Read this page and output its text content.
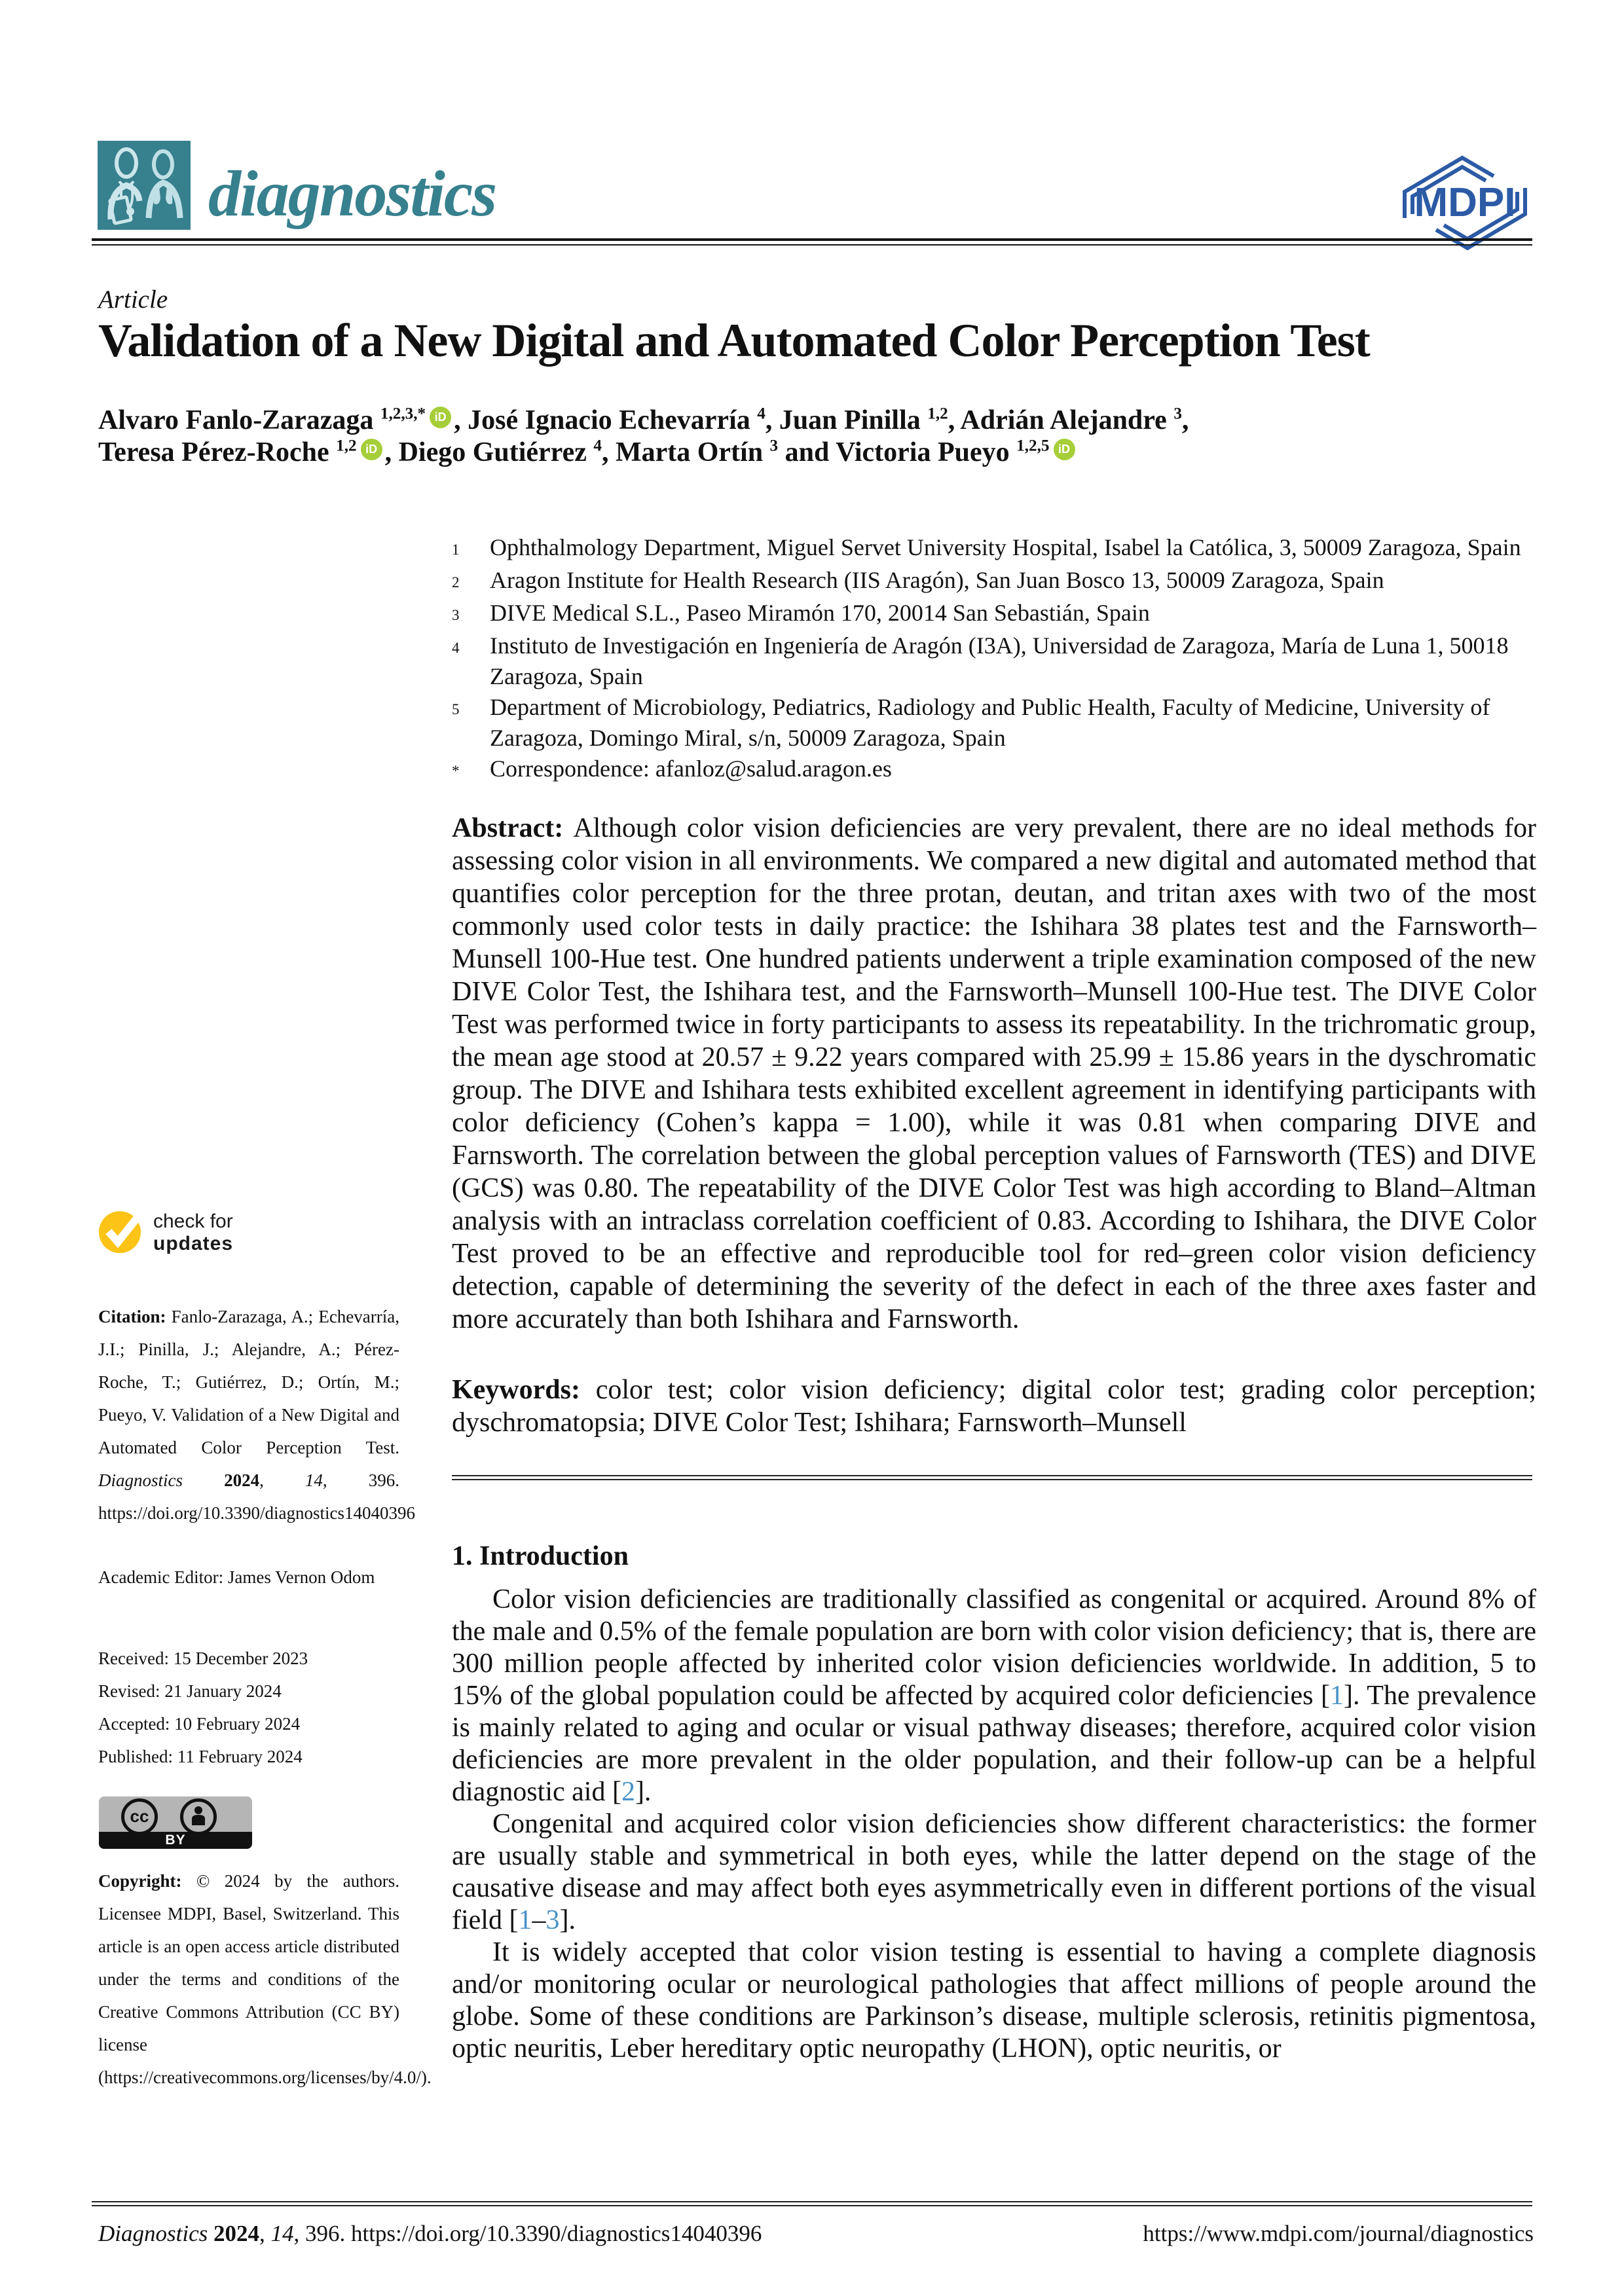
diagnostics	MDPI
Article
Validation of a New Digital and Automated Color Perception Test
Alvaro Fanlo-Zarazaga $^{1,2,3,*}$ iD , José Ignacio Echevarría $^4$, Juan Pinilla $^{1,2}$, Adrián Alejandre $^3$,
Teresa Pérez-Roche $^{1,2}$ iD , Diego Gutiérrez $^4$, Marta Ortín $^3$ and Victoria Pueyo $^{1,2,5}$ iD
1	Ophthalmology Department, Miguel Servet University Hospital, Isabel la Católica, 3, 50009 Zaragoza, Spain
2	Aragon Institute for Health Research (IIS Aragón), San Juan Bosco 13, 50009 Zaragoza, Spain
3	DIVE Medical S.L., Paseo Miramón 170, 20014 San Sebastián, Spain
4	Instituto de Investigación en Ingeniería de Aragón (I3A), Universidad de Zaragoza, María de Luna 1, 50018 Zaragoza, Spain
5	Department of Microbiology, Pediatrics, Radiology and Public Health, Faculty of Medicine, University of Zaragoza, Domingo Miral, s/n, 50009 Zaragoza, Spain
*	Correspondence: afanloz@salud.aragon.es
Abstract: Although color vision deficiencies are very prevalent, there are no ideal methods for assessing color vision in all environments. We compared a new digital and automated method that quantifies color perception for the three protan, deutan, and tritan axes with two of the most commonly used color tests in daily practice: the Ishihara 38 plates test and the Farnsworth–Munsell 100-Hue test. One hundred patients underwent a triple examination composed of the new DIVE Color Test, the Ishihara test, and the Farnsworth–Munsell 100-Hue test. The DIVE Color Test was performed twice in forty participants to assess its repeatability. In the trichromatic group, the mean age stood at 20.57 ± 9.22 years compared with 25.99 ± 15.86 years in the dyschromatic group. The DIVE and Ishihara tests exhibited excellent agreement in identifying participants with color deficiency (Cohen’s kappa = 1.00), while it was 0.81 when comparing DIVE and Farnsworth. The correlation between the global perception values of Farnsworth (TES) and DIVE (GCS) was 0.80. The repeatability of the DIVE Color Test was high according to Bland–Altman analysis with an intraclass correlation coefficient of 0.83. According to Ishihara, the DIVE Color Test proved to be an effective and reproducible tool for red–green color vision deficiency detection, capable of determining the severity of the defect in each of the three axes faster and more accurately than both Ishihara and Farnsworth.
Keywords: color test; color vision deficiency; digital color test; grading color perception; dyschromatopsia; DIVE Color Test; Ishihara; Farnsworth–Munsell
1. Introduction

Color vision deficiencies are traditionally classified as congenital or acquired. Around 8% of the male and 0.5% of the female population are born with color vision deficiency; that is, there are 300 million people affected by inherited color vision deficiencies worldwide. In addition, 5 to 15% of the global population could be affected by acquired color deficiencies [1]. The prevalence is mainly related to aging and ocular or visual pathway diseases; therefore, acquired color vision deficiencies are more prevalent in the older population, and their follow-up can be a helpful diagnostic aid [2].

Congenital and acquired color vision deficiencies show different characteristics: the former are usually stable and symmetrical in both eyes, while the latter depend on the stage of the causative disease and may affect both eyes asymmetrically even in different portions of the visual field [1–3].

It is widely accepted that color vision testing is essential to having a complete diagnosis and/or monitoring ocular or neurological pathologies that affect millions of people around the globe. Some of these conditions are Parkinson’s disease, multiple sclerosis, retinitis pigmentosa, optic neuritis, Leber hereditary optic neuropathy (LHON), optic neuritis, or

check for
updates
Citation: Fanlo-Zarazaga, A.; Echevarría, J.I.; Pinilla, J.; Alejandre, A.; Pérez-Roche, T.; Gutiérrez, D.; Ortín, M.; Pueyo, V. Validation of a New Digital and Automated Color Perception Test. Diagnostics 2024, 14, 396. https://doi.org/10.3390/diagnostics14040396
Academic Editor: James Vernon Odom
Received: 15 December 2023
Revised: 21 January 2024
Accepted: 10 February 2024
Published: 11 February 2024
cc
BY
Copyright: © 2024 by the authors. Licensee MDPI, Basel, Switzerland. This article is an open access article distributed under the terms and conditions of the Creative Commons Attribution (CC BY) license (https://creativecommons.org/licenses/by/4.0/).
Diagnostics 2024, 14, 396. https://doi.org/10.3390/diagnostics14040396	https://www.mdpi.com/journal/diagnostics
